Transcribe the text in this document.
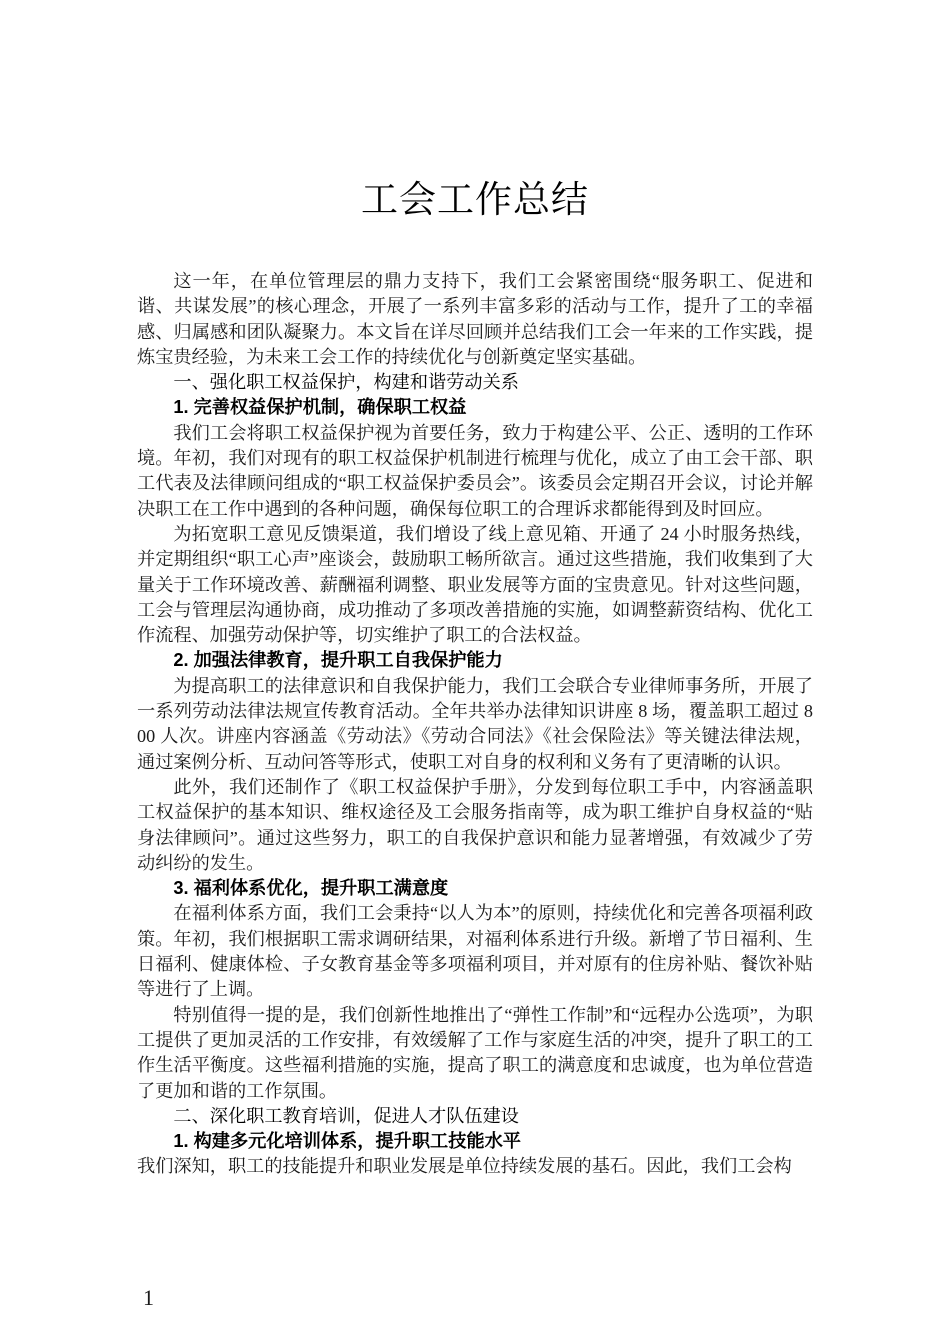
工会工作总结

这一年，在单位管理层的鼎力支持下，我们工会紧密围绕“服务职工、促进和谐、共谋发展”的核心理念，开展了一系列丰富多彩的活动与工作，提升了工的幸福感、归属感和团队凝聚力。本文旨在详尽回顾并总结我们工会一年来的工作实践，提炼宝贵经验，为未来工会工作的持续优化与创新奠定坚实基础。

一、强化职工权益保护，构建和谐劳动关系
1. 完善权益保护机制，确保职工权益

我们工会将职工权益保护视为首要任务，致力于构建公平、公正、透明的工作环境。年初，我们对现有的职工权益保护机制进行梳理与优化，成立了由工会干部、职工代表及法律顾问组成的“职工权益保护委员会”。该委员会定期召开会议，讨论并解决职工在工作中遇到的各种问题，确保每位职工的合理诉求都能得到及时回应。

为拓宽职工意见反馈渠道，我们增设了线上意见箱、开通了 24 小时服务热线，并定期组织“职工心声”座谈会，鼓励职工畅所欲言。通过这些措施，我们收集到了大量关于工作环境改善、薪酬福利调整、职业发展等方面的宝贵意见。针对这些问题，工会与管理层沟通协商，成功推动了多项改善措施的实施，如调整薪资结构、优化工作流程、加强劳动保护等，切实维护了职工的合法权益。

2. 加强法律教育，提升职工自我保护能力

为提高职工的法律意识和自我保护能力，我们工会联合专业律师事务所，开展了一系列劳动法律法规宣传教育活动。全年共举办法律知识讲座 8 场，覆盖职工超过 800 人次。讲座内容涵盖《劳动法》《劳动合同法》《社会保险法》等关键法律法规，通过案例分析、互动问答等形式，使职工对自身的权利和义务有了更清晰的认识。

此外，我们还制作了《职工权益保护手册》，分发到每位职工手中，内容涵盖职工权益保护的基本知识、维权途径及工会服务指南等，成为职工维护自身权益的“贴身法律顾问”。通过这些努力，职工的自我保护意识和能力显著增强，有效减少了劳动纠纷的发生。

3. 福利体系优化，提升职工满意度

在福利体系方面，我们工会秉持“以人为本”的原则，持续优化和完善各项福利政策。年初，我们根据职工需求调研结果，对福利体系进行升级。新增了节日福利、生日福利、健康体检、子女教育基金等多项福利项目，并对原有的住房补贴、餐饮补贴等进行了上调。

特别值得一提的是，我们创新性地推出了“弹性工作制”和“远程办公选项”，为职工提供了更加灵活的工作安排，有效缓解了工作与家庭生活的冲突，提升了职工的工作生活平衡度。这些福利措施的实施，提高了职工的满意度和忠诚度，也为单位营造了更加和谐的工作氛围。

二、深化职工教育培训，促进人才队伍建设
1. 构建多元化培训体系，提升职工技能水平

我们深知，职工的技能提升和职业发展是单位持续发展的基石。因此，我们工会构

1
